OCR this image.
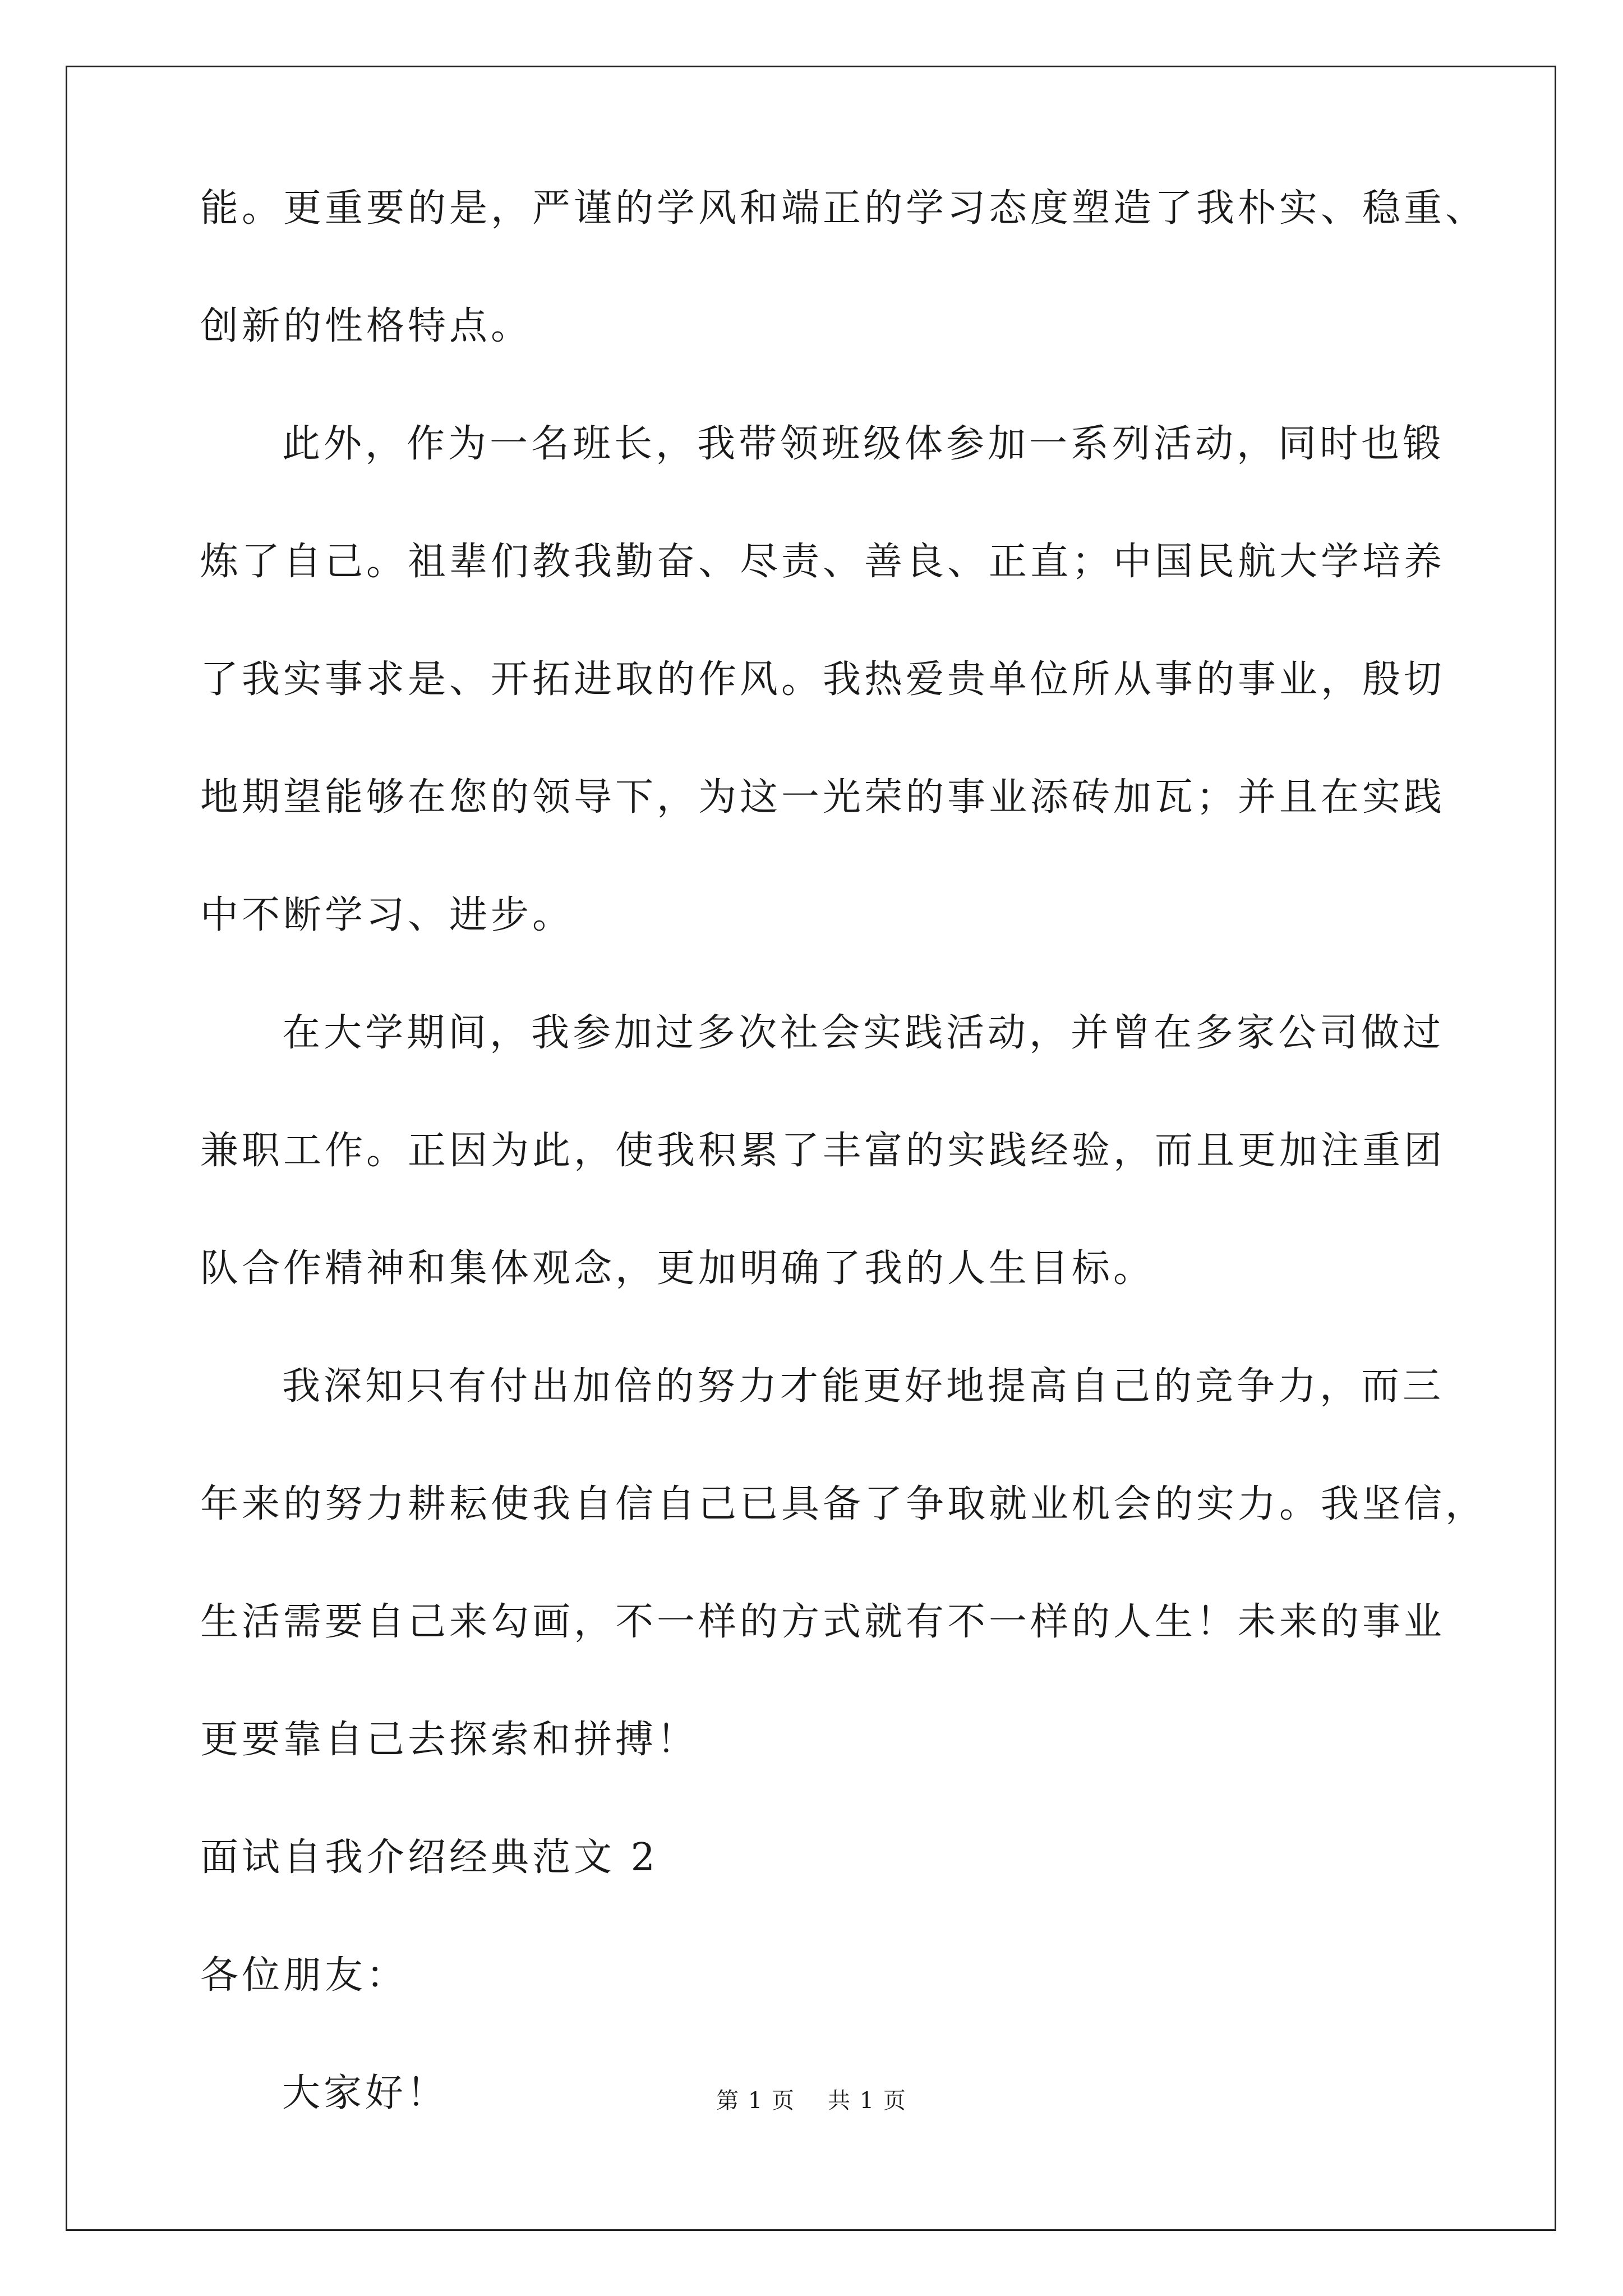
能。更重要的是，严谨的学风和端正的学习态度塑造了我朴实、稳重、
创新的性格特点。
此外，作为一名班长，我带领班级体参加一系列活动，同时也锻
炼了自己。祖辈们教我勤奋、尽责、善良、正直；中国民航大学培养
了我实事求是、开拓进取的作风。我热爱贵单位所从事的事业，殷切
地期望能够在您的领导下，为这一光荣的事业添砖加瓦；并且在实践
中不断学习、进步。
在大学期间，我参加过多次社会实践活动，并曾在多家公司做过
兼职工作。正因为此，使我积累了丰富的实践经验，而且更加注重团
队合作精神和集体观念，更加明确了我的人生目标。
我深知只有付出加倍的努力才能更好地提高自己的竞争力，而三
年来的努力耕耘使我自信自己已具备了争取就业机会的实力。我坚信，
生活需要自己来勾画，不一样的方式就有不一样的人生！未来的事业
更要靠自己去探索和拼搏！
面试自我介绍经典范文 2
各位朋友：
大家好！	第 1 页 共 1 页
